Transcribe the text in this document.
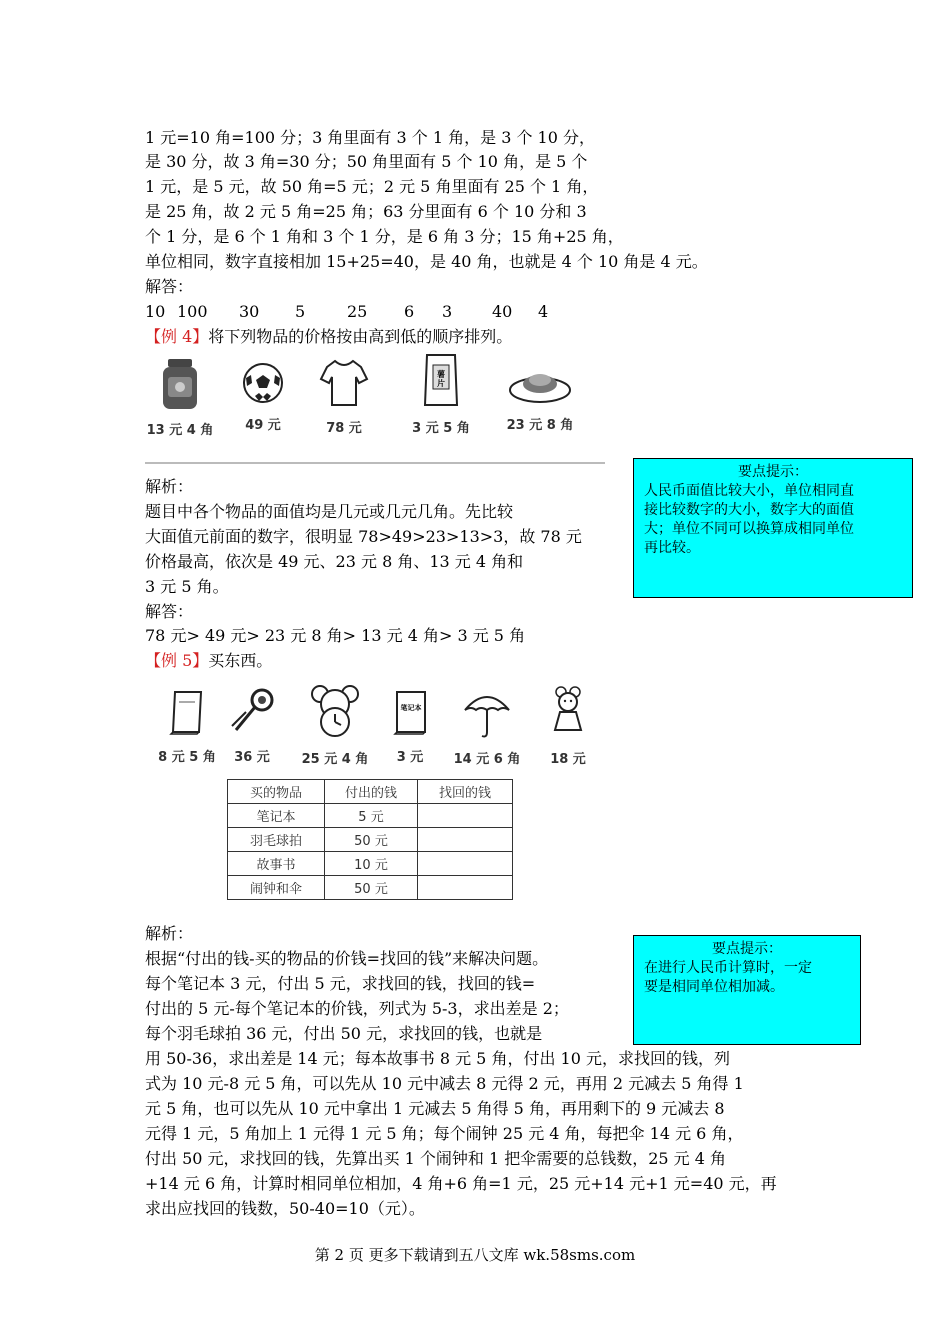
1 元=10 角=100 分；3 角里面有 3 个 1 角，是 3 个 10 分，
是 30 分，故 3 角=30 分；50 角里面有 5 个 10 角，是 5 个
1 元，是 5 元，故 50 角=5 元；2 元 5 角里面有 25 个 1 角，
是 25 角，故 2 元 5 角=25 角；63 分里面有 6 个 10 分和 3
个 1 分，是 6 个 1 角和 3 个 1 分，是 6 角 3 分；15 角+25 角，
单位相同，数字直接相加 15+25=40，是 40 角，也就是 4 个 10 角是 4 元。
解答：
10 100 30 5	25 6 3 40 4
【例 4】将下列物品的价格按由高到低的顺序排列。
13 元 4 角	49 元	78 元
薯
片
3 元 5 角	23 元 8 角
要点提示：
人民币面值比较大小，单位相同直
接比较数字的大小，数字大的面值
大；单位不同可以换算成相同单位
再比较。
解析：
题目中各个物品的面值均是几元或几元几角。先比较
大面值元前面的数字，很明显 78>49>23>13>3，故 78 元
价格最高，依次是 49 元、23 元 8 角、13 元 4 角和
3 元 5 角。
解答：
78 元> 49 元> 23 元 8 角> 13 元 4 角> 3 元 5 角
【例 5】买东西。
8 元 5 角	36 元	25 元 4 角
笔记本
3 元	14 元 6 角	18 元
买的物品	付出的钱	找回的钱
笔记本	5 元	
羽毛球拍	50 元	
故事书	10 元	
闹钟和伞	50 元	
要点提示：
在进行人民币计算时，一定
要是相同单位相加减。
解析：
根据“付出的钱-买的物品的价钱=找回的钱”来解决问题。
每个笔记本 3 元，付出 5 元，求找回的钱，找回的钱=
付出的 5 元-每个笔记本的价钱，列式为 5-3，求出差是 2；
每个羽毛球拍 36 元，付出 50 元，求找回的钱，也就是
用 50-36，求出差是 14 元；每本故事书 8 元 5 角，付出 10 元，求找回的钱，列
式为 10 元-8 元 5 角，可以先从 10 元中减去 8 元得 2 元，再用 2 元减去 5 角得 1
元 5 角，也可以先从 10 元中拿出 1 元减去 5 角得 5 角，再用剩下的 9 元减去 8
元得 1 元，5 角加上 1 元得 1 元 5 角；每个闹钟 25 元 4 角，每把伞 14 元 6 角，
付出 50 元，求找回的钱，先算出买 1 个闹钟和 1 把伞需要的总钱数，25 元 4 角
+14 元 6 角，计算时相同单位相加，4 角+6 角=1 元，25 元+14 元+1 元=40 元，再
求出应找回的钱数，50-40=10（元）。
第 2 页 更多下载请到五八文库 wk.58sms.com
